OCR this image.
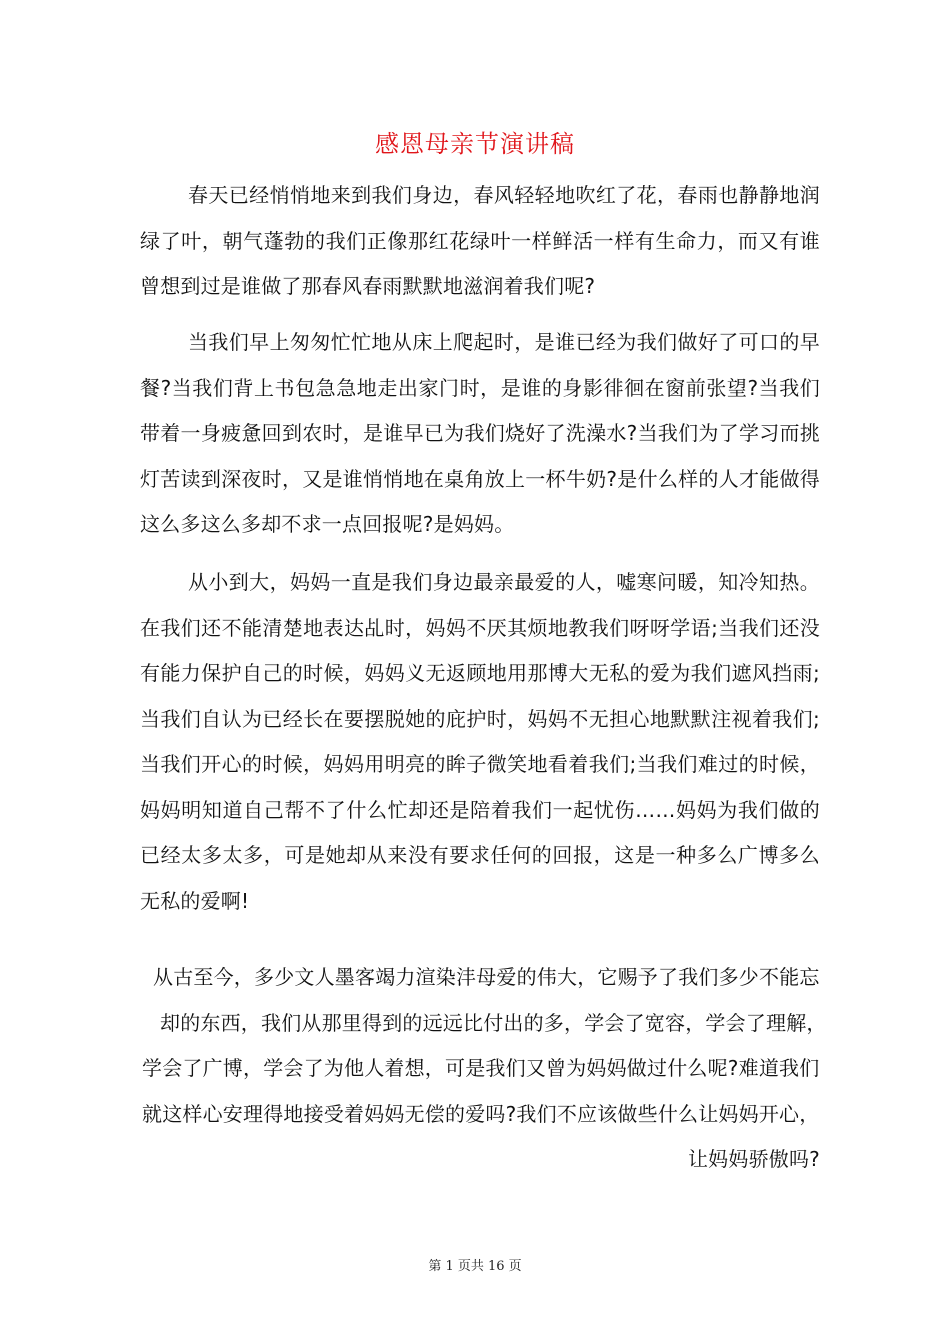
感恩母亲节演讲稿
春天已经悄悄地来到我们身边，春风轻轻地吹红了花，春雨也静静地润
绿了叶，朝气蓬勃的我们正像那红花绿叶一样鲜活一样有生命力，而又有谁
曾想到过是谁做了那春风春雨默默地滋润着我们呢?
当我们早上匆匆忙忙地从床上爬起时，是谁已经为我们做好了可口的早
餐?当我们背上书包急急地走出家门时，是谁的身影徘徊在窗前张望?当我们
带着一身疲惫回到农时，是谁早已为我们烧好了洗澡水?当我们为了学习而挑
灯苦读到深夜时，又是谁悄悄地在桌角放上一杯牛奶?是什么样的人才能做得
这么多这么多却不求一点回报呢?是妈妈。
从小到大，妈妈一直是我们身边最亲最爱的人，嘘寒问暖，知冷知热。
在我们还不能清楚地表达乩时，妈妈不厌其烦地教我们呀呀学语;当我们还没
有能力保护自己的时候，妈妈义无返顾地用那博大无私的爱为我们遮风挡雨;
当我们自认为已经长在要摆脱她的庇护时，妈妈不无担心地默默注视着我们;
当我们开心的时候，妈妈用明亮的眸子微笑地看着我们;当我们难过的时候，
妈妈明知道自己帮不了什么忙却还是陪着我们一起忧伤……妈妈为我们做的
已经太多太多，可是她却从来没有要求任何的回报，这是一种多么广博多么
无私的爱啊!
从古至今，多少文人墨客竭力渲染沣母爱的伟大，它赐予了我们多少不能忘
却的东西，我们从那里得到的远远比付出的多，学会了宽容，学会了理解，
学会了广博，学会了为他人着想，可是我们又曾为妈妈做过什么呢?难道我们
就这样心安理得地接受着妈妈无偿的爱吗?我们不应该做些什么让妈妈开心，
让妈妈骄傲吗?
第 1 页共 16 页
